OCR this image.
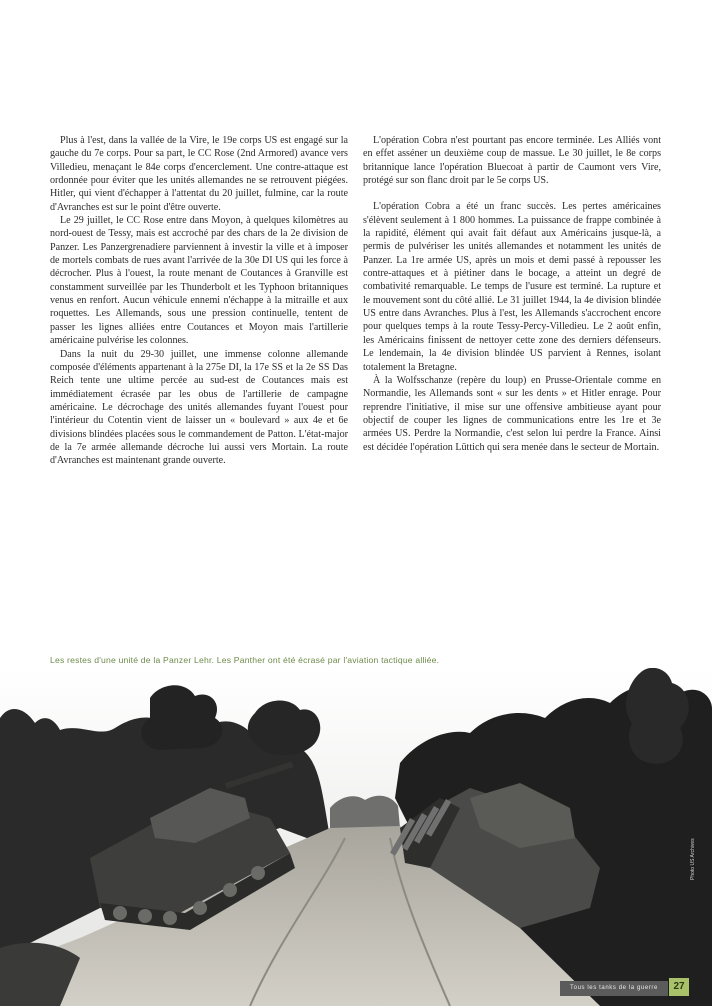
Plus à l'est, dans la vallée de la Vire, le 19e corps US est engagé sur la gauche du 7e corps. Pour sa part, le CC Rose (2nd Armored) avance vers Villedieu, menaçant le 84e corps d'encerclement. Une contre-attaque est ordonnée pour éviter que les unités allemandes ne se retrouvent piégées. Hitler, qui vient d'échapper à l'attentat du 20 juillet, fulmine, car la route d'Avranches est sur le point d'être ouverte.

Le 29 juillet, le CC Rose entre dans Moyon, à quelques kilomètres au nord-ouest de Tessy, mais est accroché par des chars de la 2e division de Panzer. Les Panzergrenadiere parviennent à investir la ville et à imposer de mortels combats de rues avant l'arrivée de la 30e DI US qui les force à décrocher. Plus à l'ouest, la route menant de Coutances à Granville est constamment surveillée par les Thunderbolt et les Typhoon britanniques venus en renfort. Aucun véhicule ennemi n'échappe à la mitraille et aux roquettes. Les Allemands, sous une pression continuelle, tentent de passer les lignes alliées entre Coutances et Moyon mais l'artillerie américaine pulvérise les colonnes.

Dans la nuit du 29-30 juillet, une immense colonne allemande composée d'éléments appartenant à la 275e DI, la 17e SS et la 2e SS Das Reich tente une ultime percée au sud-est de Coutances mais est immédiatement écrasée par les obus de l'artillerie de campagne américaine. Le décrochage des unités allemandes fuyant l'ouest pour l'intérieur du Cotentin vient de laisser un « boulevard » aux 4e et 6e divisions blindées placées sous le commandement de Patton. L'état-major de la 7e armée allemande décroche lui aussi vers Mortain. La route d'Avranches est maintenant grande ouverte.

L'opération Cobra n'est pourtant pas encore terminée. Les Alliés vont en effet asséner un deuxième coup de massue. Le 30 juillet, le 8e corps britannique lance l'opération Bluecoat à partir de Caumont vers Vire, protégé sur son flanc droit par le 5e corps US.

L'opération Cobra a été un franc succès. Les pertes américaines s'élèvent seulement à 1 800 hommes. La puissance de frappe combinée à la rapidité, élément qui avait fait défaut aux Américains jusque-là, a permis de pulvériser les unités allemandes et notamment les unités de Panzer. La 1re armée US, après un mois et demi passé à repousser les contre-attaques et à piétiner dans le bocage, a atteint un degré de combativité remarquable. Le temps de l'usure est terminé. La rupture et le mouvement sont du côté allié. Le 31 juillet 1944, la 4e division blindée US entre dans Avranches. Plus à l'est, les Allemands s'accrochent encore pour quelques temps à la route Tessy-Percy-Villedieu. Le 2 août enfin, les Américains finissent de nettoyer cette zone des derniers défenseurs. Le lendemain, la 4e division blindée US parvient à Rennes, isolant totalement la Bretagne.

À la Wolfsschanze (repère du loup) en Prusse-Orientale comme en Normandie, les Allemands sont « sur les dents » et Hitler enrage. Pour reprendre l'initiative, il mise sur une offensive ambitieuse ayant pour objectif de couper les lignes de communications entre les 1re et 3e armées US. Perdre la Normandie, c'est selon lui perdre la France. Ainsi est décidée l'opération Lüttich qui sera menée dans le secteur de Mortain.

Les restes d'une unité de la Panzer Lehr. Les Panther ont été écrasé par l'aviation tactique alliée.
Photo US Archives
Tous les tanks de la guerre	27
